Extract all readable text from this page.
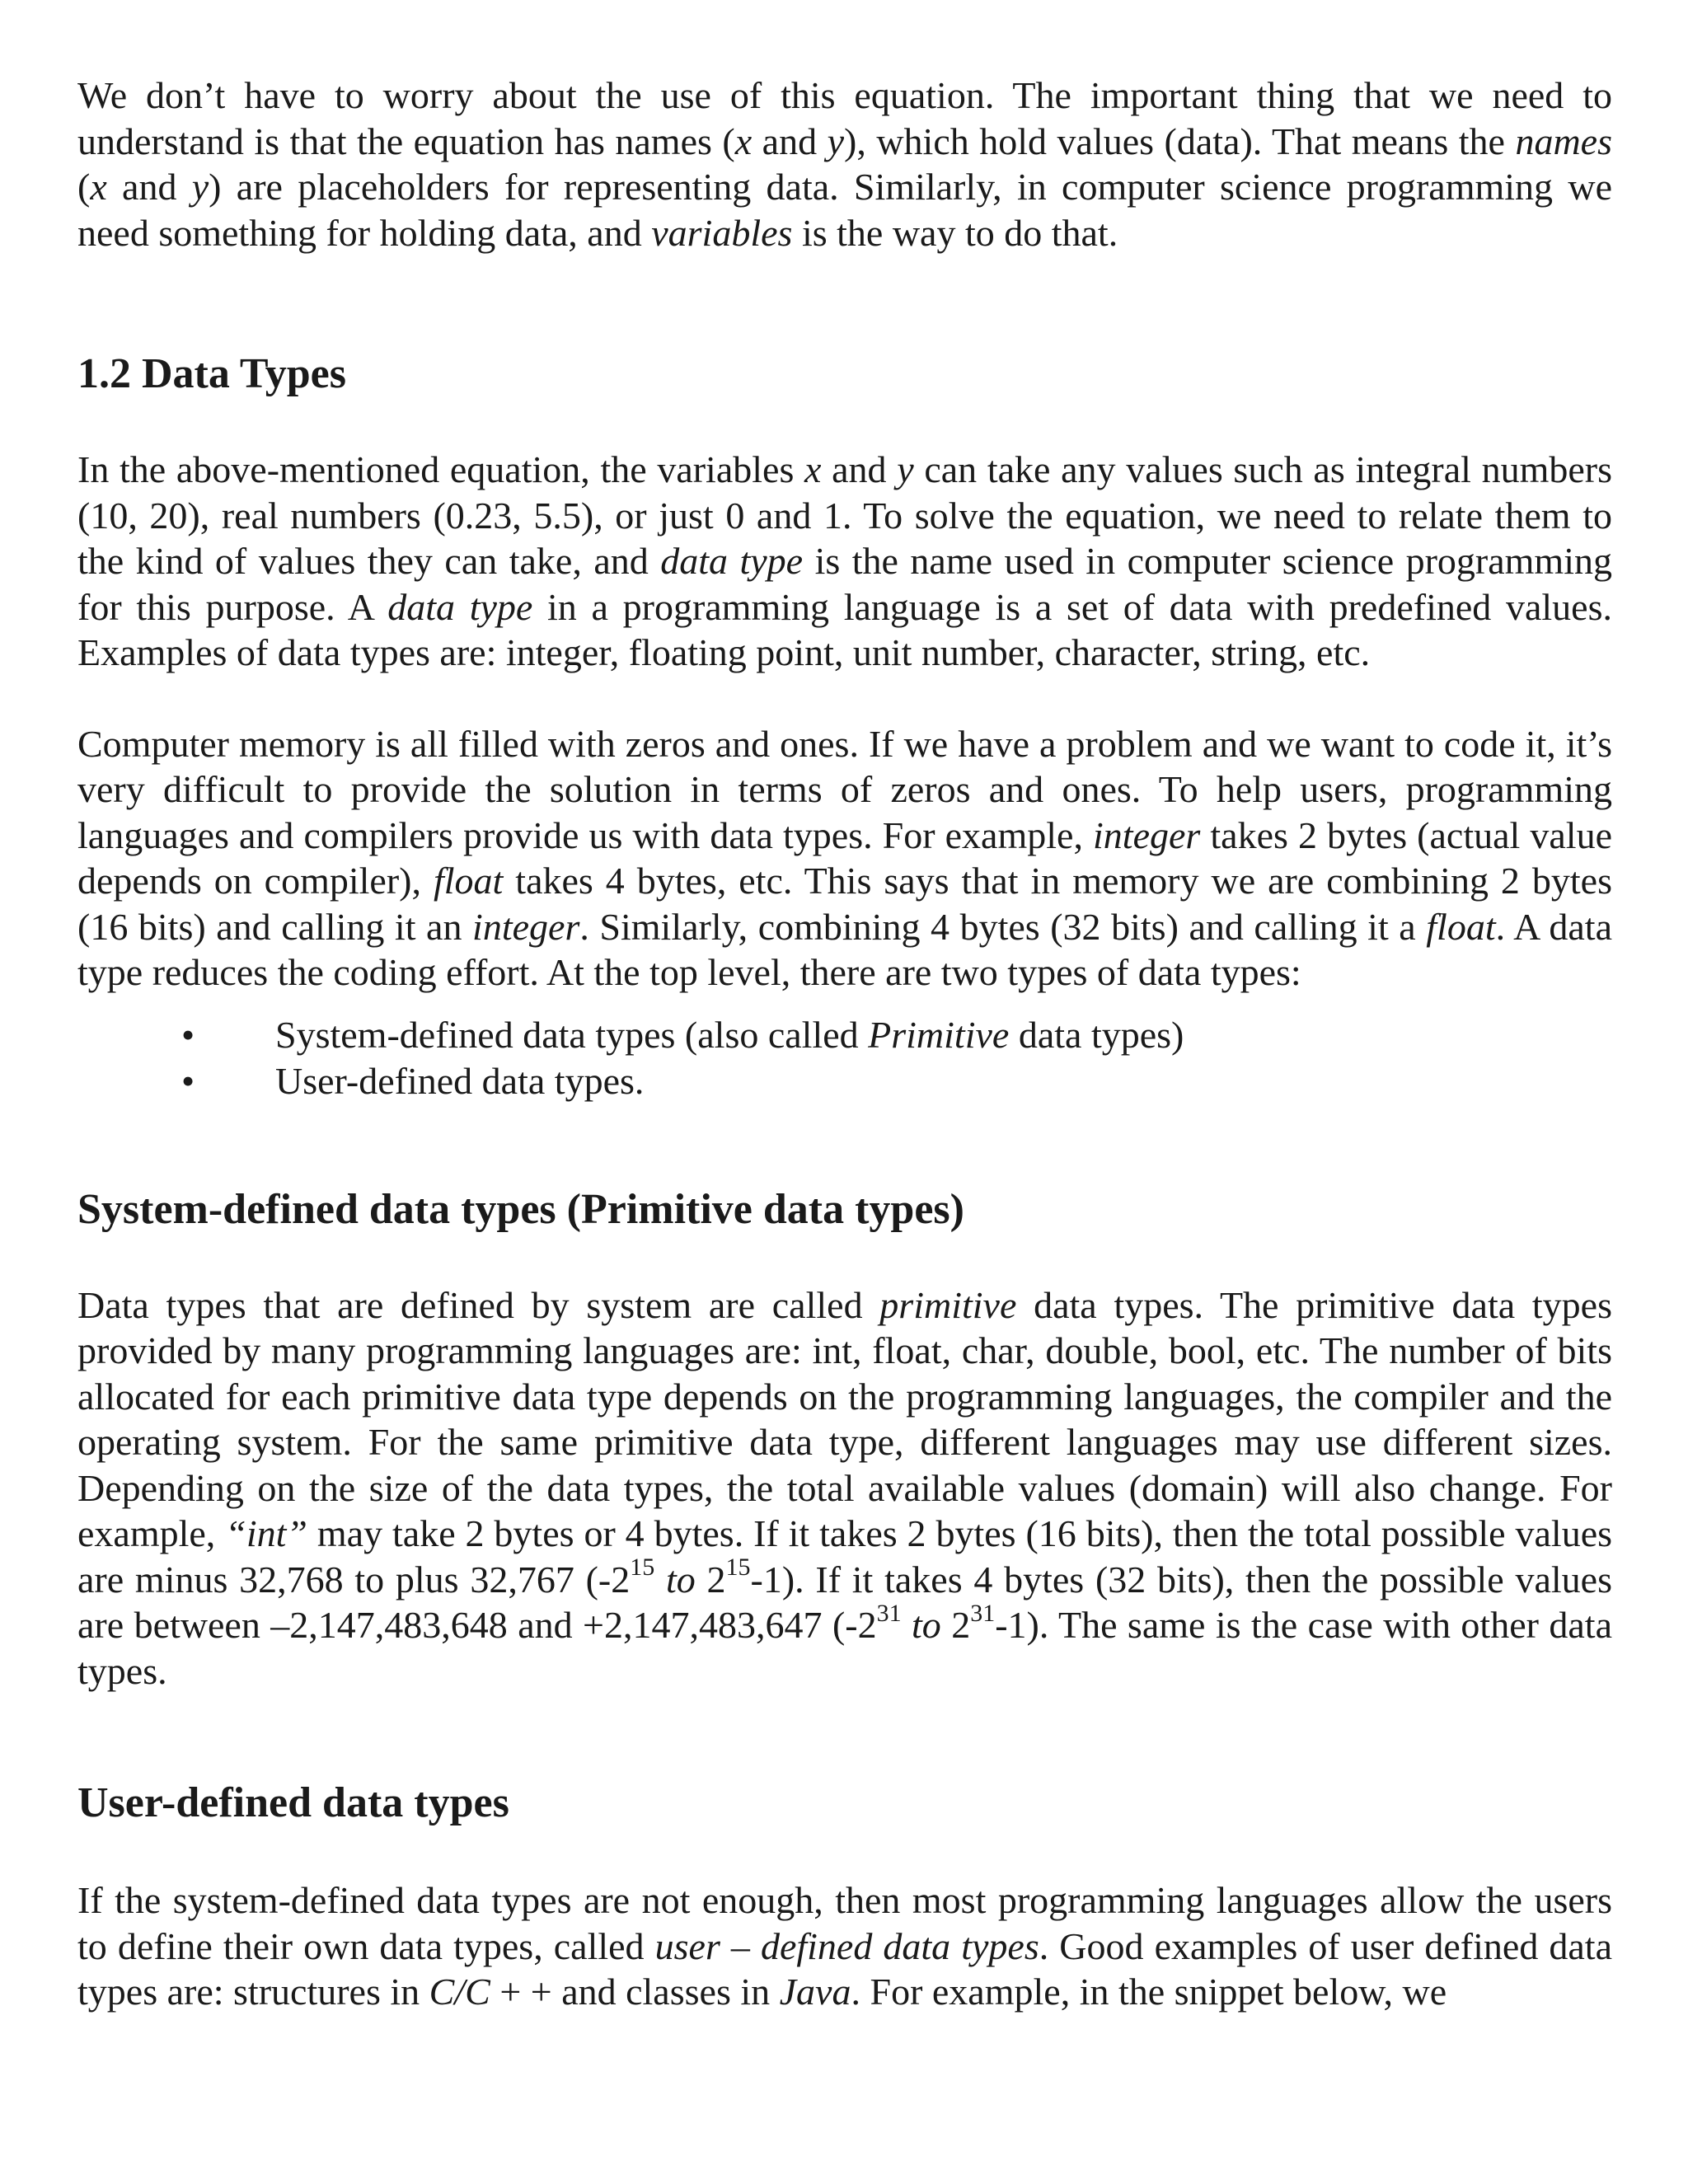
We don’t have to worry about the use of this equation. The important thing that we need to understand is that the equation has names (x and y), which hold values (data). That means the names (x and y) are placeholders for representing data. Similarly, in computer science programming we need something for holding data, and variables is the way to do that.

1.2 Data Types

In the above-mentioned equation, the variables x and y can take any values such as integral numbers (10, 20), real numbers (0.23, 5.5), or just 0 and 1. To solve the equation, we need to relate them to the kind of values they can take, and data type is the name used in computer science programming for this purpose. A data type in a programming language is a set of data with predefined values. Examples of data types are: integer, floating point, unit number, character, string, etc.

Computer memory is all filled with zeros and ones. If we have a problem and we want to code it, it’s very difficult to provide the solution in terms of zeros and ones. To help users, programming languages and compilers provide us with data types. For example, integer takes 2 bytes (actual value depends on compiler), float takes 4 bytes, etc. This says that in memory we are combining 2 bytes (16 bits) and calling it an integer. Similarly, combining 4 bytes (32 bits) and calling it a float. A data type reduces the coding effort. At the top level, there are two types of data types:

• System-defined data types (also called Primitive data types)
• User-defined data types.
System-defined data types (Primitive data types)

Data types that are defined by system are called primitive data types. The primitive data types provided by many programming languages are: int, float, char, double, bool, etc. The number of bits allocated for each primitive data type depends on the programming languages, the compiler and the operating system. For the same primitive data type, different languages may use different sizes. Depending on the size of the data types, the total available values (domain) will also change. For example, “int” may take 2 bytes or 4 bytes. If it takes 2 bytes (16 bits), then the total possible values are minus 32,768 to plus 32,767 ($-2^{15}$ to $2^{15}-1$). If it takes 4 bytes (32 bits), then the possible values are between –2,147,483,648 and +2,147,483,647 ($-2^{31}$ to $2^{31}-1$). The same is the case with other data types.

User-defined data types

If the system-defined data types are not enough, then most programming languages allow the users to define their own data types, called user – defined data types. Good examples of user defined data types are: structures in C/C + + and classes in Java. For example, in the snippet below, we
